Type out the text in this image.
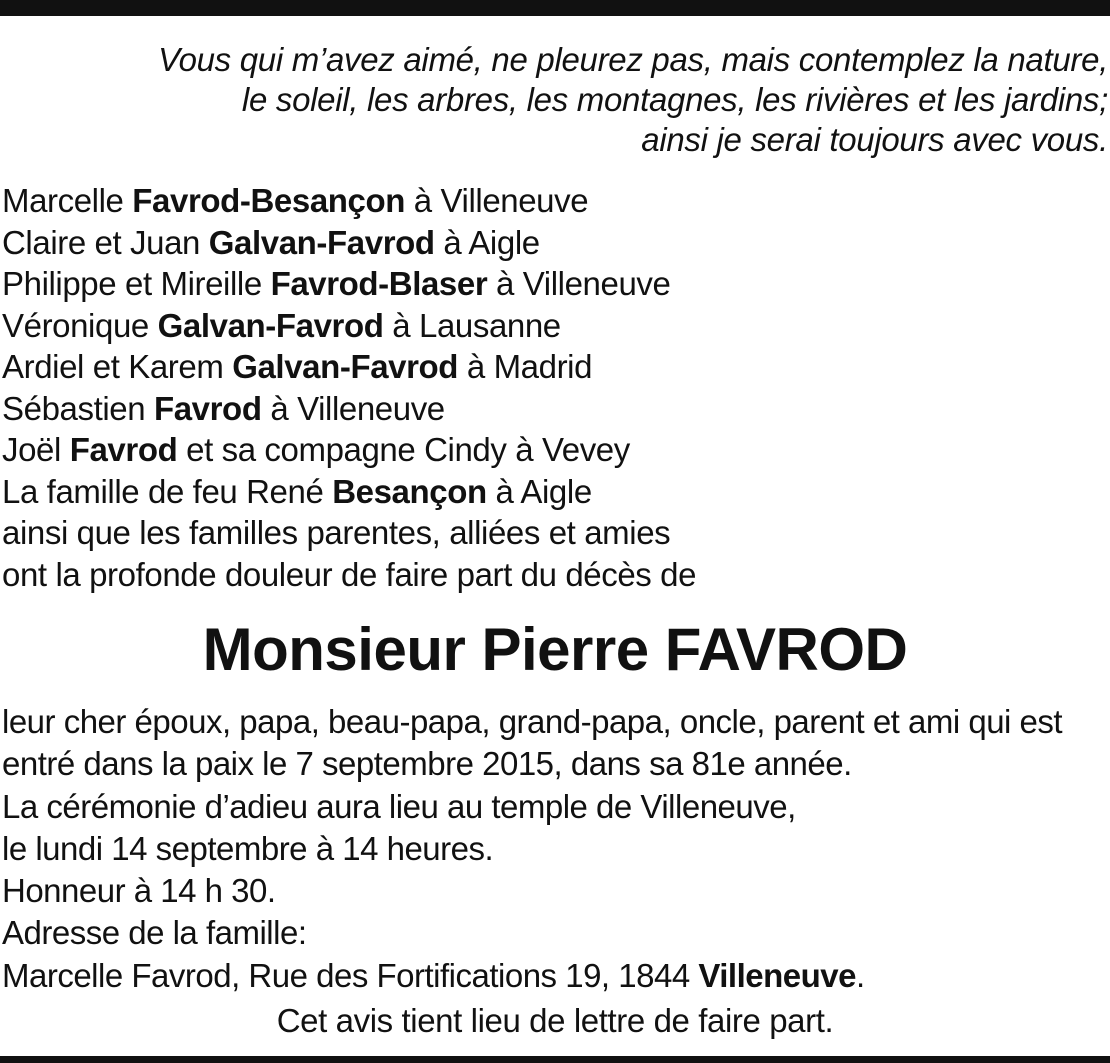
Vous qui m’avez aimé, ne pleurez pas, mais contemplez la nature,
le soleil, les arbres, les montagnes, les rivières et les jardins;
ainsi je serai toujours avec vous.
Marcelle Favrod-Besançon à Villeneuve
Claire et Juan Galvan-Favrod à Aigle
Philippe et Mireille Favrod-Blaser à Villeneuve
Véronique Galvan-Favrod à Lausanne
Ardiel et Karem Galvan-Favrod à Madrid
Sébastien Favrod à Villeneuve
Joël Favrod et sa compagne Cindy à Vevey
La famille de feu René Besançon à Aigle
ainsi que les familles parentes, alliées et amies
ont la profonde douleur de faire part du décès de
Monsieur Pierre FAVROD
leur cher époux, papa, beau-papa, grand-papa, oncle, parent et ami qui est
entré dans la paix le 7 septembre 2015, dans sa 81e année.
La cérémonie d’adieu aura lieu au temple de Villeneuve,
le lundi 14 septembre à 14 heures.
Honneur à 14 h 30.
Adresse de la famille:
Marcelle Favrod, Rue des Fortifications 19, 1844 Villeneuve.
Cet avis tient lieu de lettre de faire part.
